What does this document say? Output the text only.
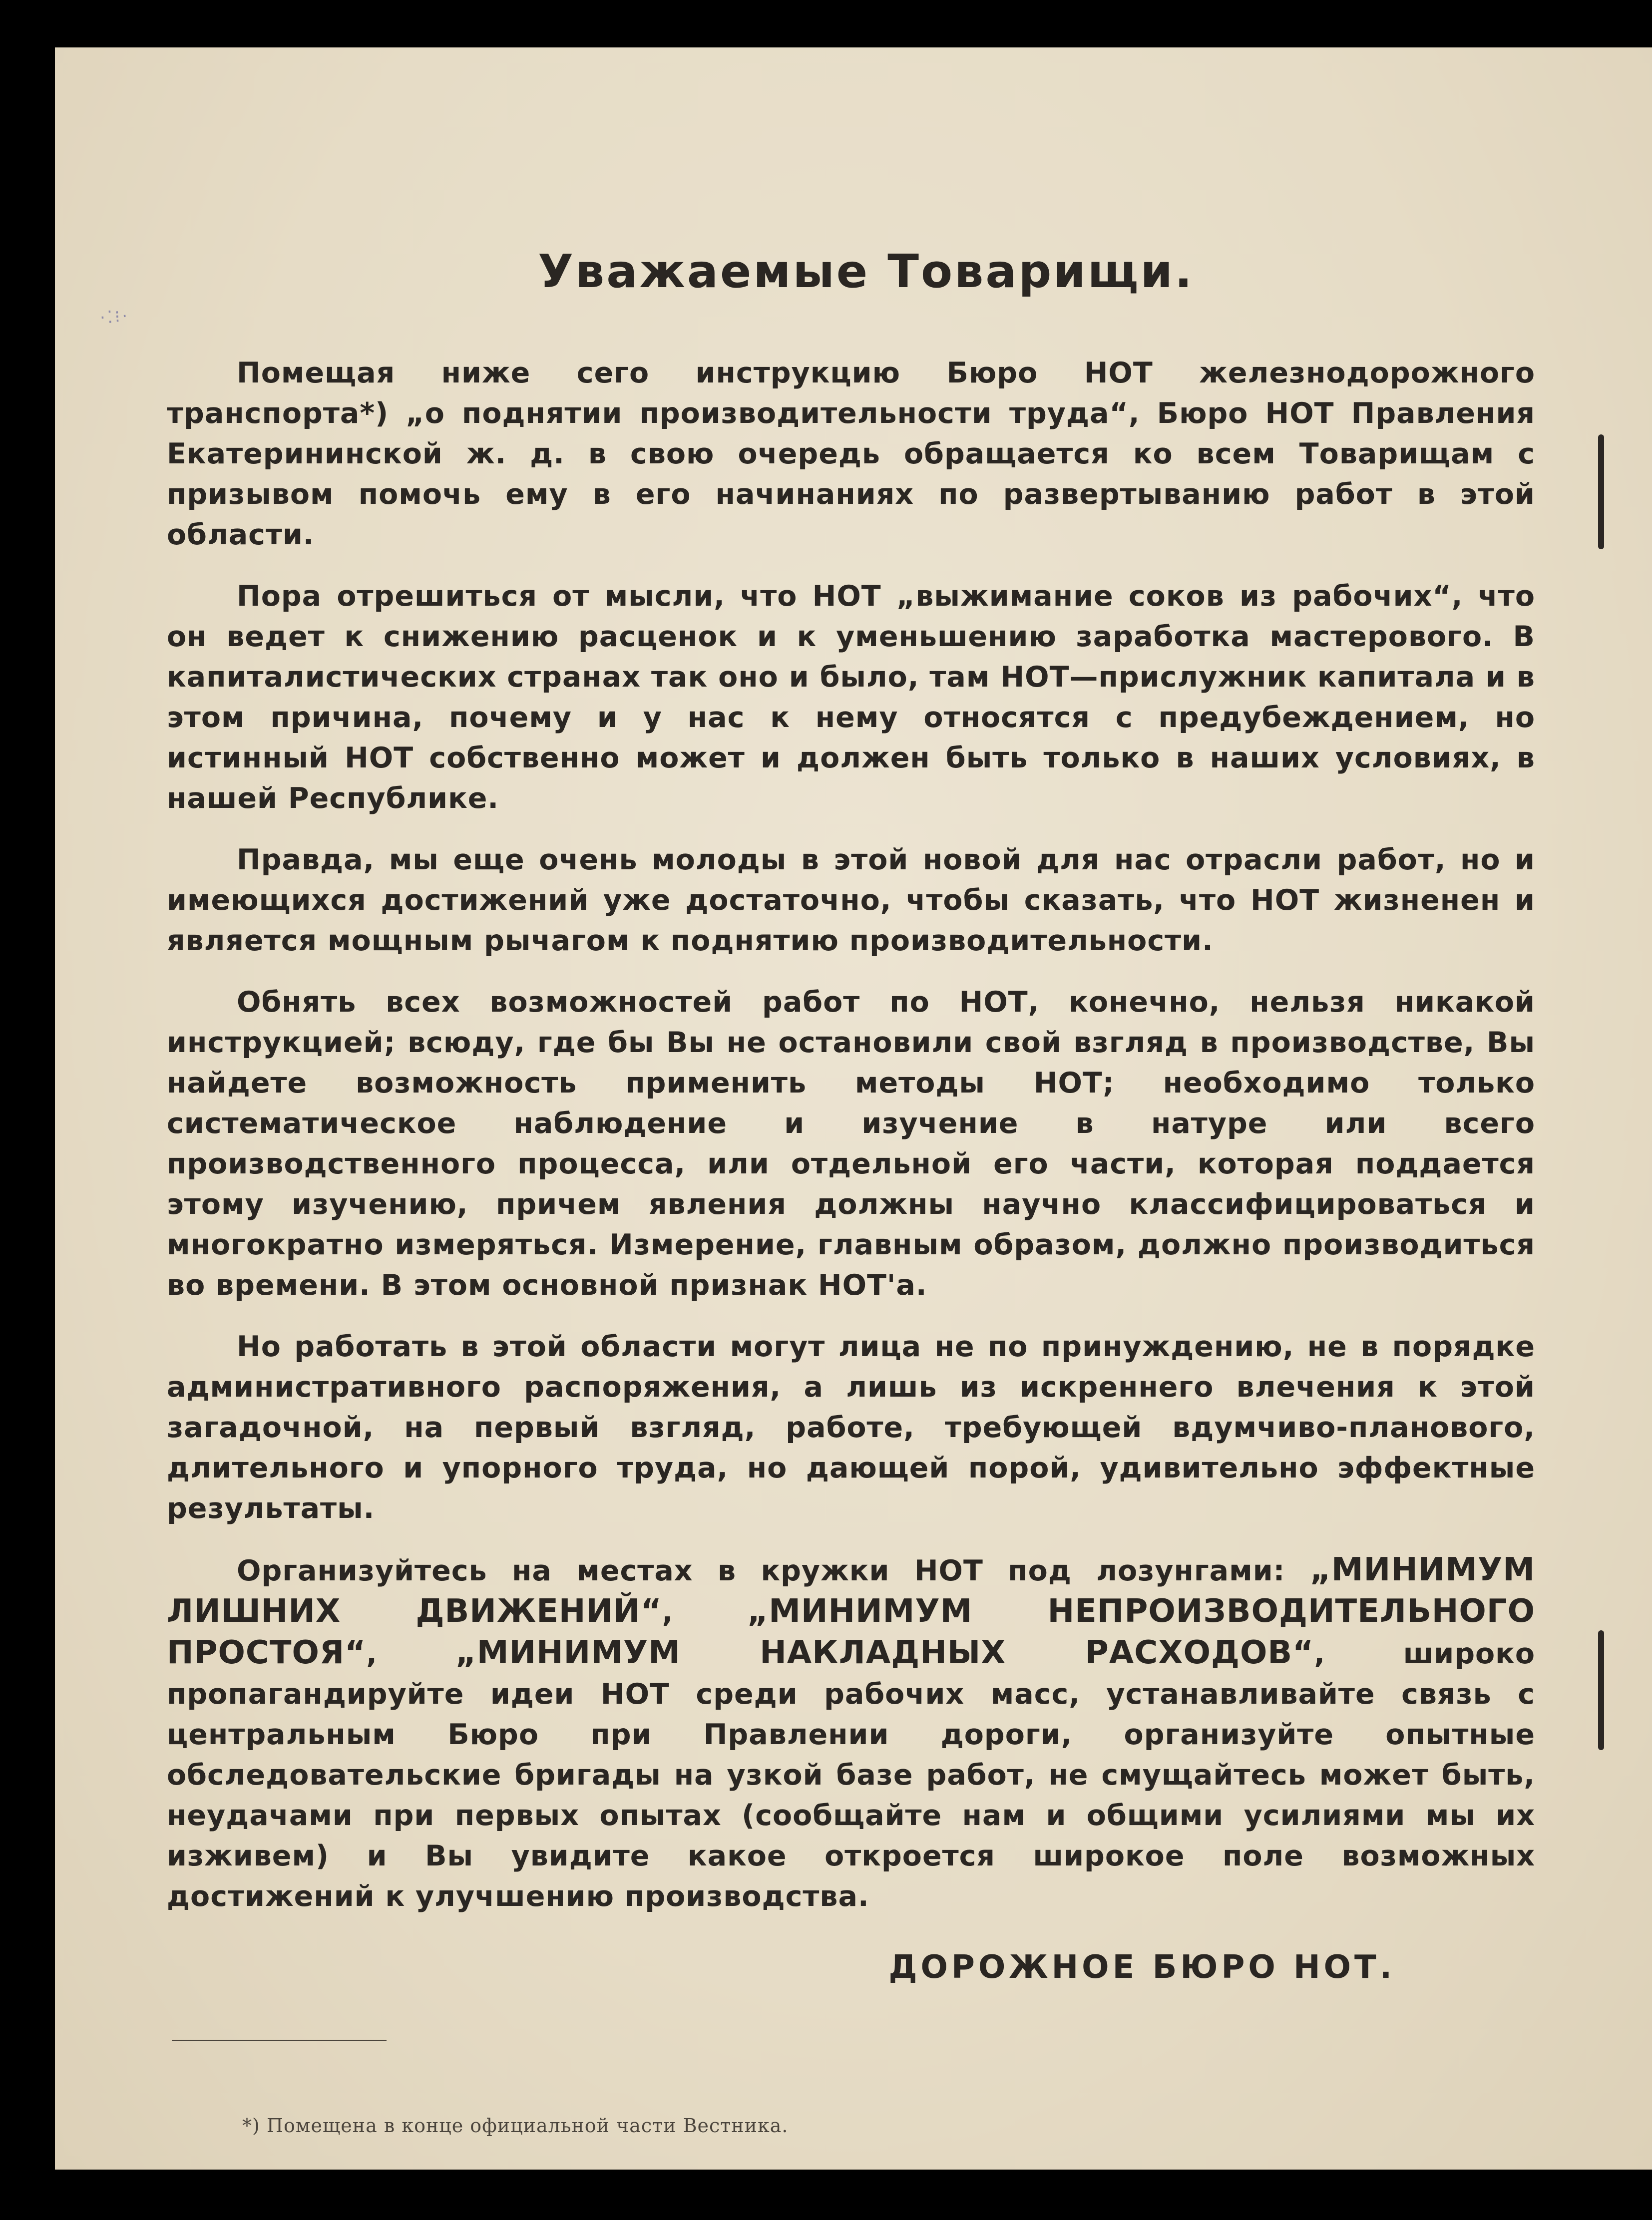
·⁚⁝·
Уважаемые Товарищи.

Помещая ниже сего инструкцию Бюро НОТ железнодорожного транспорта*) „о поднятии производительности труда“, Бюро НОТ Правления Екатерининской ж. д. в свою очередь обращается ко всем Товарищам с призывом помочь ему в его начинаниях по развертыванию работ в этой области.

Пора отрешиться от мысли, что НОТ „выжимание соков из рабочих“, что он ведет к снижению расценок и к уменьшению заработка мастерового. В капиталистических странах так оно и было, там НОТ—прислужник капитала и в этом причина, почему и у нас к нему относятся с предубеждением, но истинный НОТ собственно может и должен быть только в наших условиях, в нашей Республике.

Правда, мы еще очень молоды в этой новой для нас отрасли работ, но и имеющихся достижений уже достаточно, чтобы сказать, что НОТ жизненен и является мощным рычагом к поднятию производительности.

Обнять всех возможностей работ по НОТ, конечно, нельзя никакой инструкцией; всюду, где бы Вы не остановили свой взгляд в производстве, Вы найдете возможность применить методы НОТ; необходимо только систематическое наблюдение и изучение в натуре или всего производственного процесса, или отдельной его части, которая поддается этому изучению, причем явления должны научно классифицироваться и многократно измеряться. Измерение, главным образом, должно производиться во времени. В этом основной признак НОТ'а.

Но работать в этой области могут лица не по принуждению, не в порядке административного распоряжения, а лишь из искреннего влечения к этой загадочной, на первый взгляд, работе, требующей вдумчиво-планового, длительного и упорного труда, но дающей порой, удивительно эффектные результаты.

Организуйтесь на местах в кружки НОТ под лозунгами: „МИНИМУМ ЛИШНИХ ДВИЖЕНИЙ“, „МИНИМУМ НЕПРОИЗВОДИТЕЛЬНОГО ПРОСТОЯ“, „МИНИМУМ НАКЛАДНЫХ РАСХОДОВ“, широко пропагандируйте идеи НОТ среди рабочих масс, устанавливайте связь с центральным Бюро при Правлении дороги, организуйте опытные обследовательские бригады на узкой базе работ, не смущайтесь может быть, неудачами при первых опытах (сообщайте нам и общими усилиями мы их изживем) и Вы увидите какое откроется широкое поле возможных достижений к улучшению производства.

ДОРОЖНОЕ БЮРО НОТ.
*) Помещена в конце официальной части Вестника.
